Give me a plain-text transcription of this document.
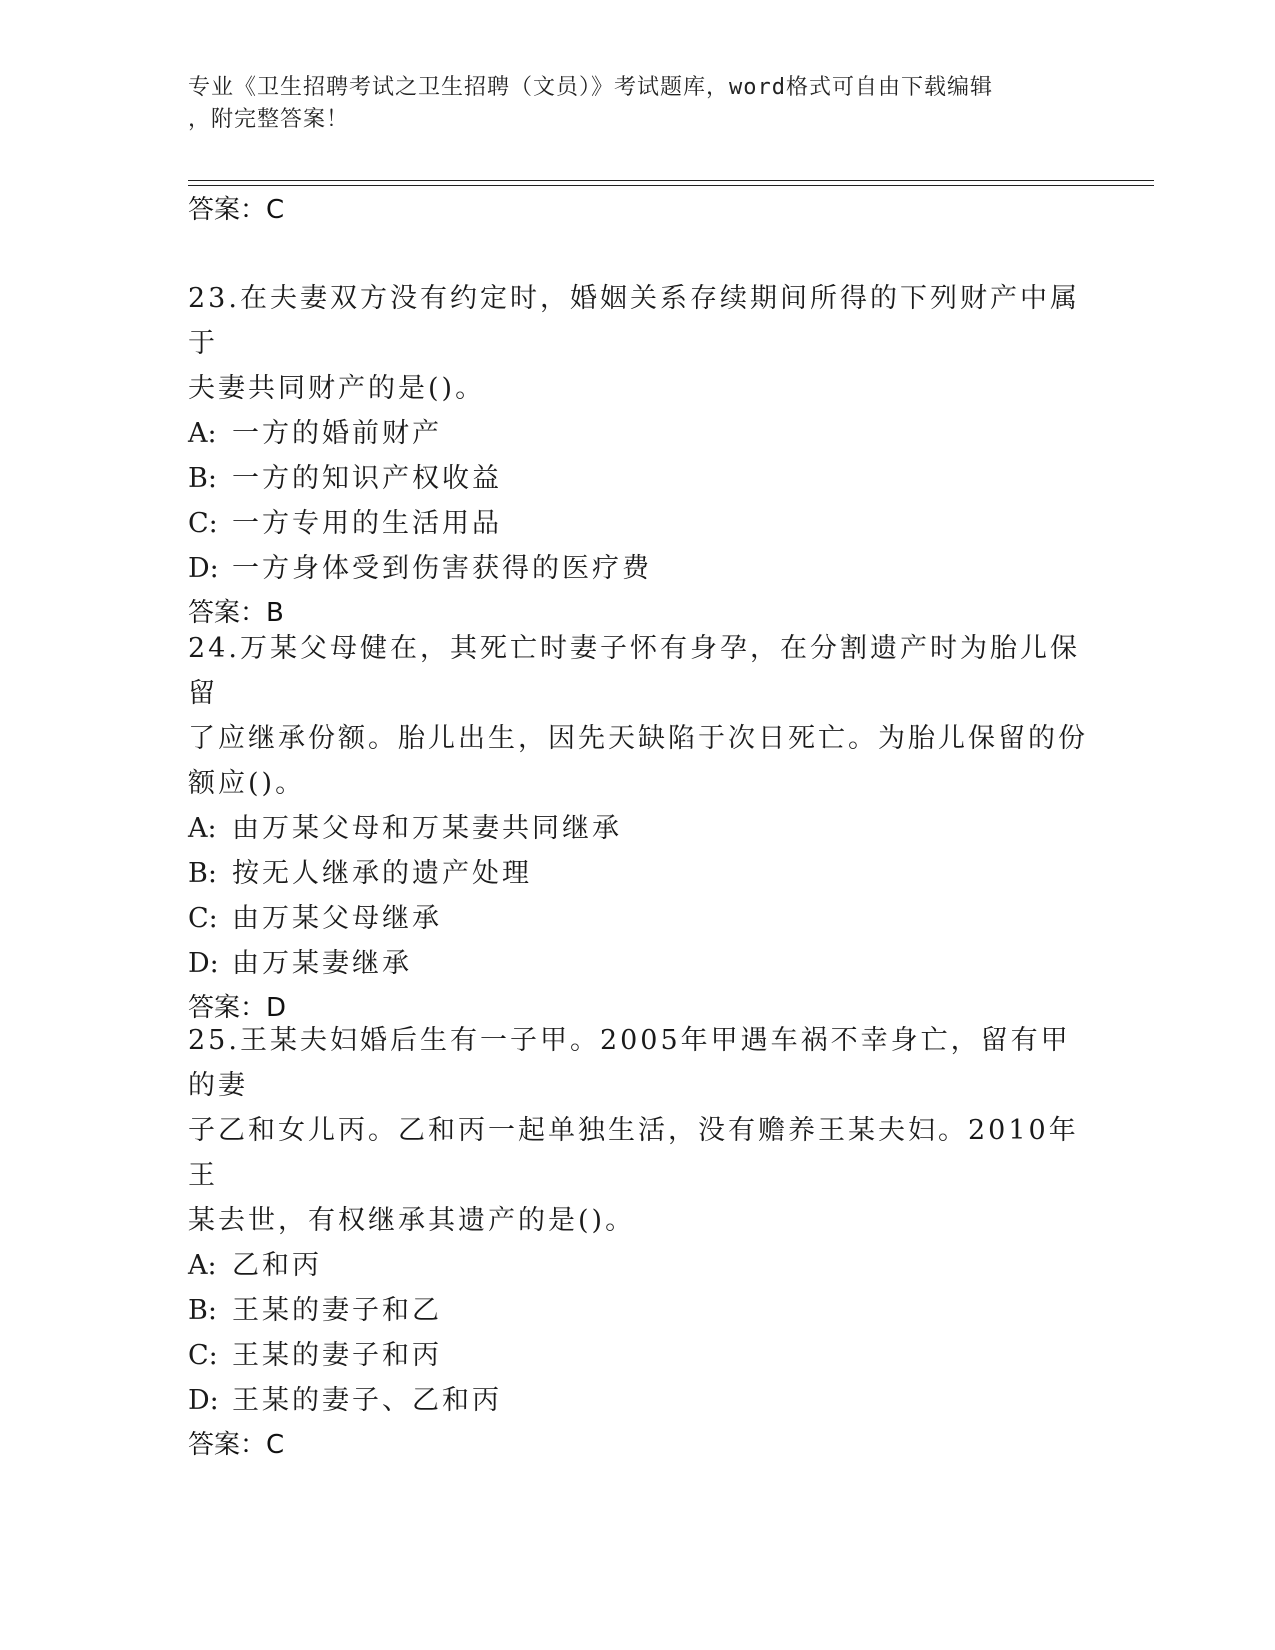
专业《卫生招聘考试之卫生招聘（文员）》考试题库，word格式可自由下载编辑
，附完整答案！
答案：C
23.在夫妻双方没有约定时，婚姻关系存续期间所得的下列财产中属于
夫妻共同财产的是()。
A: 一方的婚前财产
B: 一方的知识产权收益
C: 一方专用的生活用品
D: 一方身体受到伤害获得的医疗费
答案：B
24.万某父母健在，其死亡时妻子怀有身孕，在分割遗产时为胎儿保留
了应继承份额。胎儿出生，因先天缺陷于次日死亡。为胎儿保留的份
额应()。
A: 由万某父母和万某妻共同继承
B: 按无人继承的遗产处理
C: 由万某父母继承
D: 由万某妻继承
答案：D
25.王某夫妇婚后生有一子甲。2005年甲遇车祸不幸身亡，留有甲的妻
子乙和女儿丙。乙和丙一起单独生活，没有赡养王某夫妇。2010年王
某去世，有权继承其遗产的是()。
A: 乙和丙
B: 王某的妻子和乙
C: 王某的妻子和丙
D: 王某的妻子、乙和丙
答案：C
